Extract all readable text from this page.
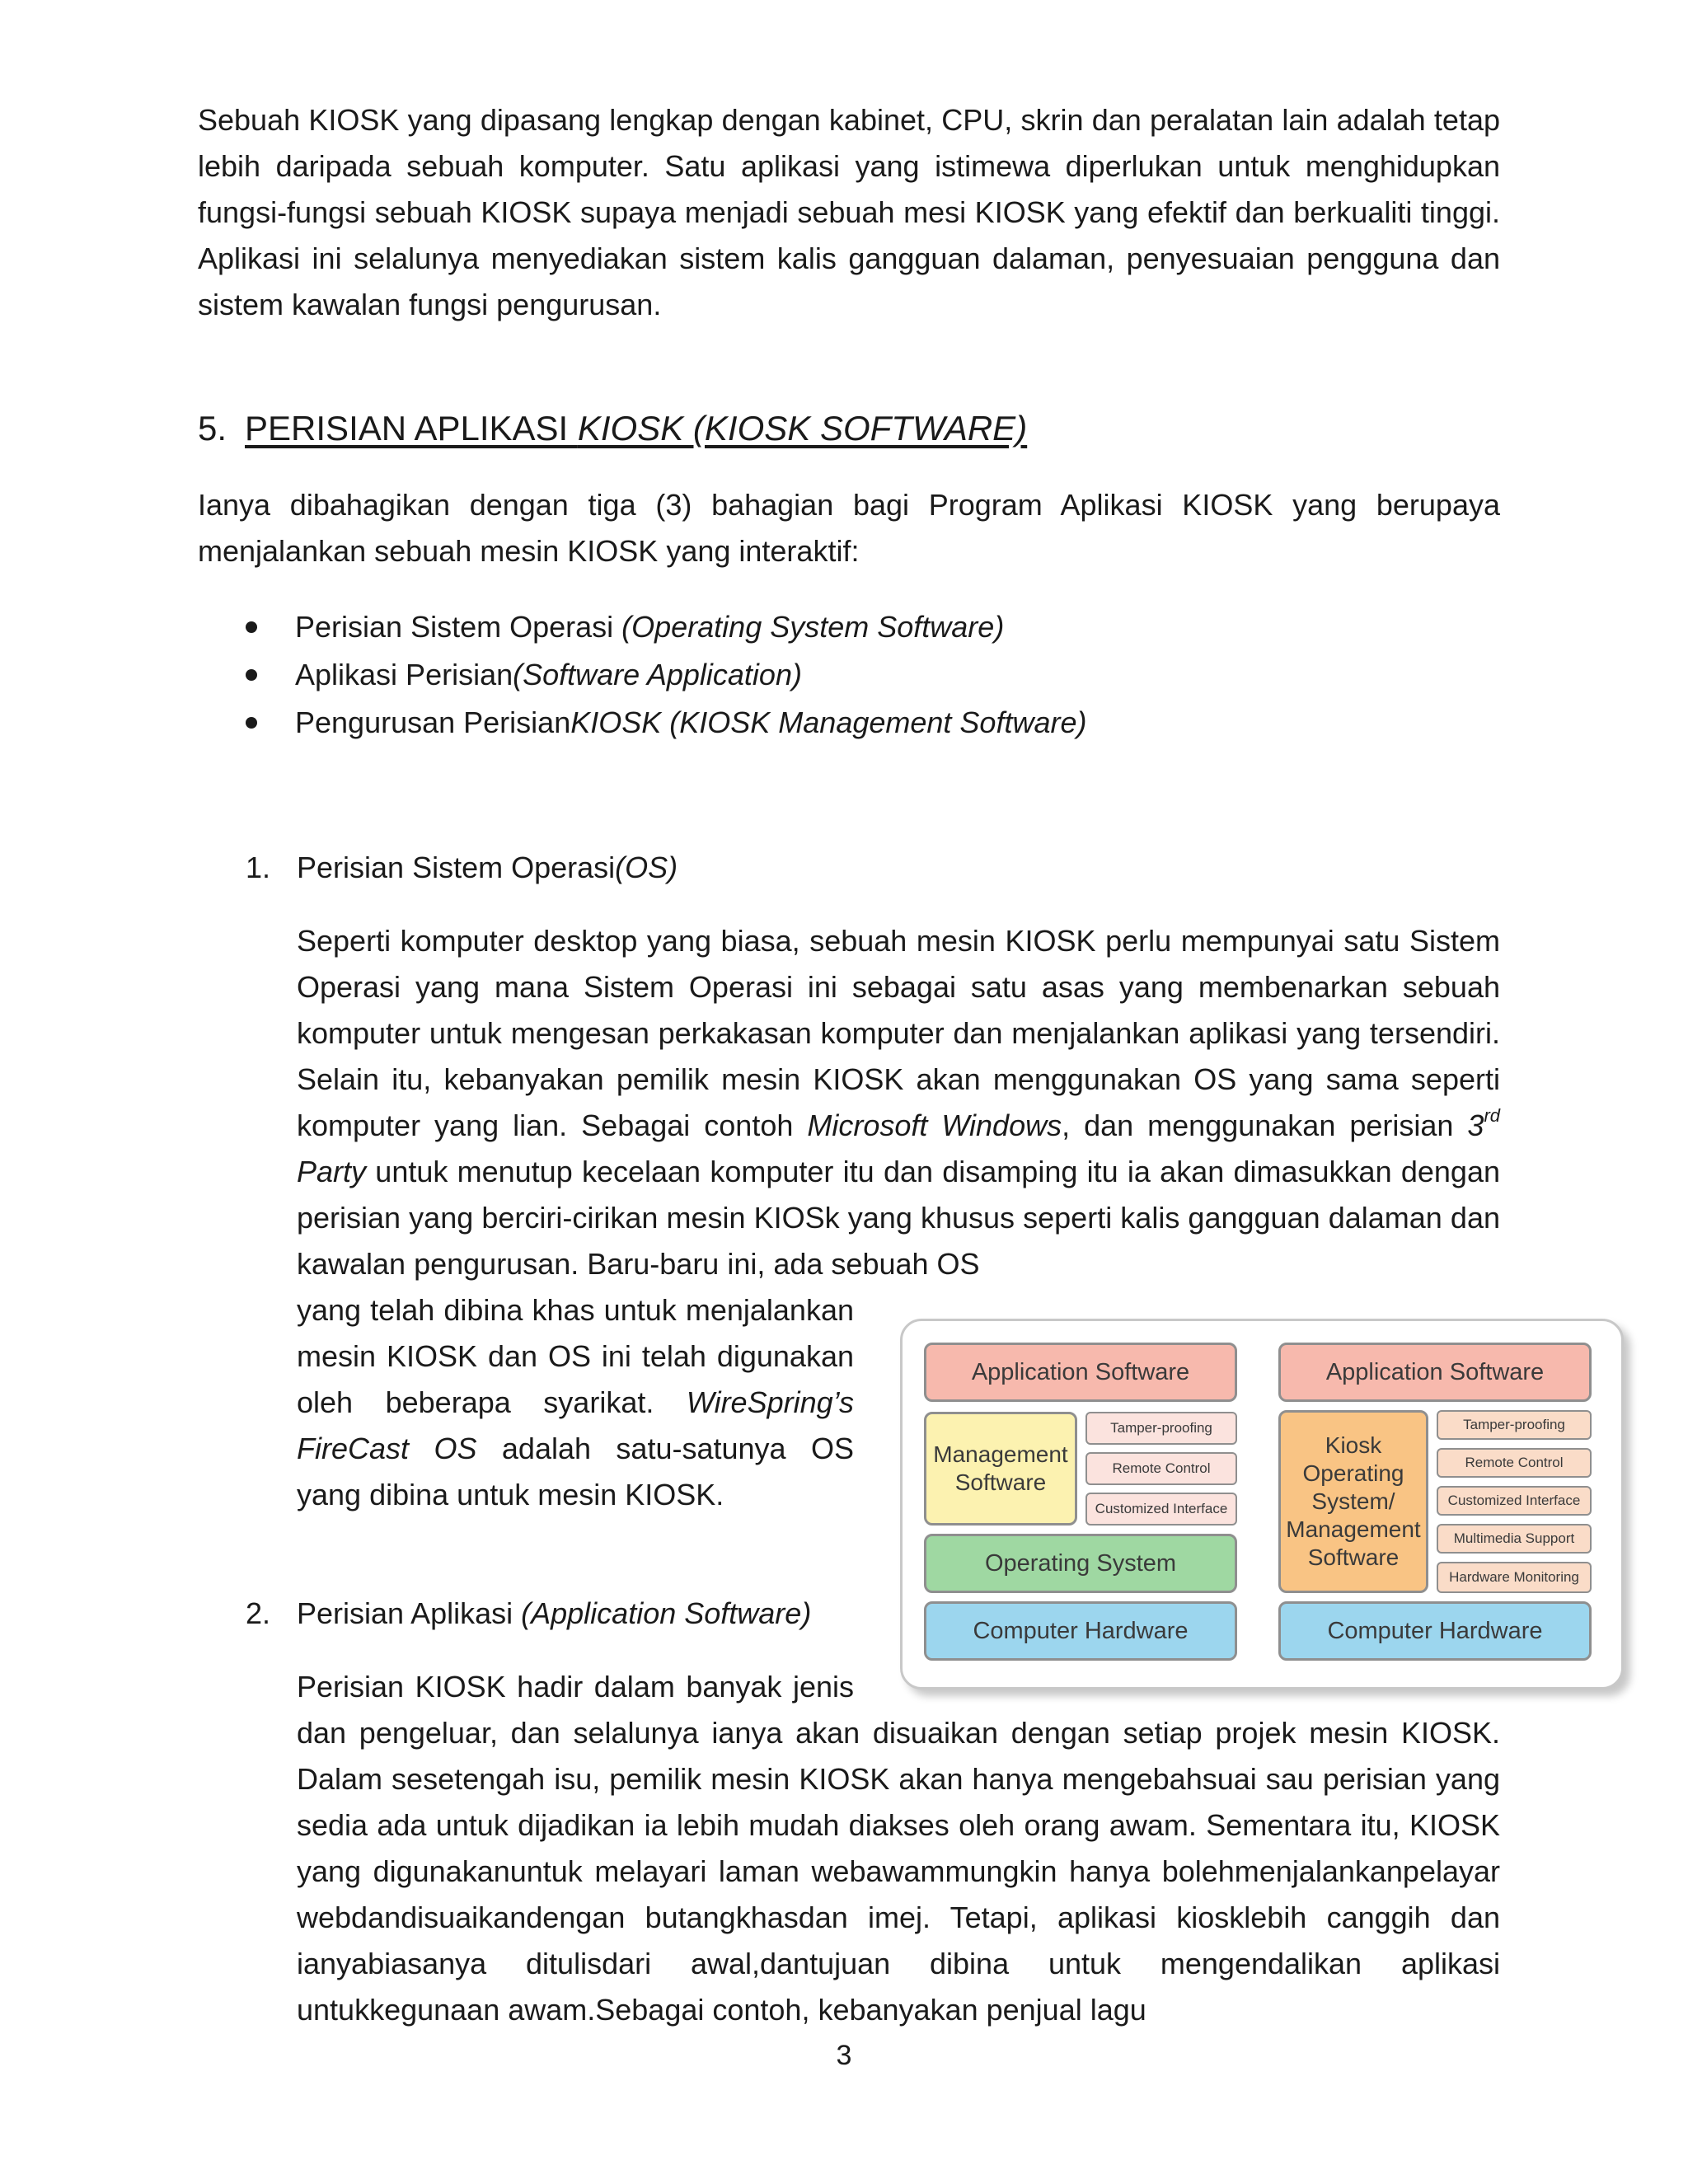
Sebuah KIOSK yang dipasang lengkap dengan kabinet, CPU, skrin dan peralatan lain adalah tetap lebih daripada sebuah komputer. Satu aplikasi yang istimewa diperlukan untuk menghidupkan fungsi-fungsi sebuah KIOSK supaya menjadi sebuah mesi KIOSK yang efektif dan berkualiti tinggi. Aplikasi ini selalunya menyediakan sistem kalis gangguan dalaman, penyesuaian pengguna dan sistem kawalan fungsi pengurusan.

5. PERISIAN APLIKASI KIOSK (KIOSK SOFTWARE)

Ianya dibahagikan dengan tiga (3) bahagian bagi Program Aplikasi KIOSK yang berupaya menjalankan sebuah mesin KIOSK yang interaktif:

Perisian Sistem Operasi (Operating System Software)
Aplikasi Perisian(Software Application)
Pengurusan PerisianKIOSK (KIOSK Management Software)
1. Perisian Sistem Operasi(OS)

Seperti komputer desktop yang biasa, sebuah mesin KIOSK perlu mempunyai satu Sistem Operasi yang mana Sistem Operasi ini sebagai satu asas yang membenarkan sebuah komputer untuk mengesan perkakasan komputer dan menjalankan aplikasi yang tersendiri. Selain itu, kebanyakan pemilik mesin KIOSK akan menggunakan OS yang sama seperti komputer yang lian. Sebagai contoh Microsoft Windows, dan menggunakan perisian 3rd Party untuk menutup kecelaan komputer itu dan disamping itu ia akan dimasukkan dengan perisian yang berciri-cirikan mesin KIOSk yang khusus seperti kalis gangguan dalaman dan kawalan pengurusan. Baru-baru ini, ada sebuah OS

yang telah dibina khas untuk menjalankan mesin KIOSK dan OS ini telah digunakan oleh beberapa syarikat. WireSpring’s FireCast OS adalah satu-satunya OS yang dibina untuk mesin KIOSK.

2. Perisian Aplikasi (Application Software)

Perisian KIOSK hadir dalam banyak jenis

dan pengeluar, dan selalunya ianya akan disuaikan dengan setiap projek mesin KIOSK. Dalam sesetengah isu, pemilik mesin KIOSK akan hanya mengebahsuai sau perisian yang sedia ada untuk dijadikan ia lebih mudah diakses oleh orang awam. Sementara itu, KIOSK yang digunakanuntuk melayari laman webawammungkin hanya bolehmenjalankanpelayar webdandisuaikandengan butangkhasdan imej. Tetapi, aplikasi kiosklebih canggih dan ianyabiasanya ditulisdari awal,dantujuan dibina untuk mengendalikan aplikasi untukkegunaan awam.Sebagai contoh, kebanyakan penjual lagu

Application Software
Management Software
Tamper-proofing
Remote Control
Customized Interface
Operating System
Computer Hardware
Application Software
Kiosk Operating System/ Management Software
Tamper-proofing
Remote Control
Customized Interface
Multimedia Support
Hardware Monitoring
Computer Hardware
3
